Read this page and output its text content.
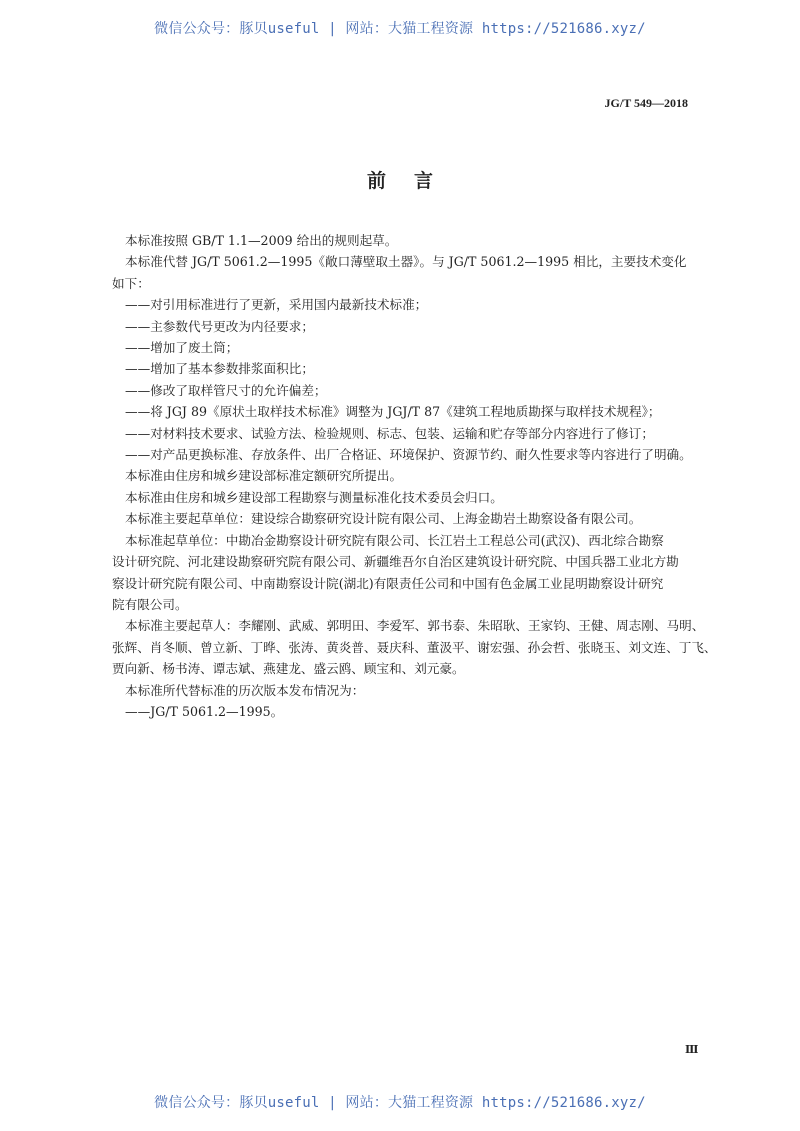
微信公众号：豚贝useful | 网站：大猫工程资源 https://521686.xyz/
JG/T 549—2018
前言
本标准按照 GB/T 1.1—2009 给出的规则起草。
本标准代替 JG/T 5061.2—1995《敞口薄壁取土器》。与 JG/T 5061.2—1995 相比，主要技术变化
如下：
——对引用标准进行了更新，采用国内最新技术标准；
——主参数代号更改为内径要求；
——增加了废土筒；
——增加了基本参数排浆面积比；
——修改了取样管尺寸的允许偏差；
——将 JGJ 89《原状土取样技术标准》调整为 JGJ/T 87《建筑工程地质勘探与取样技术规程》；
——对材料技术要求、试验方法、检验规则、标志、包装、运输和贮存等部分内容进行了修订；
——对产品更换标准、存放条件、出厂合格证、环境保护、资源节约、耐久性要求等内容进行了明确。
本标准由住房和城乡建设部标准定额研究所提出。
本标准由住房和城乡建设部工程勘察与测量标准化技术委员会归口。
本标准主要起草单位：建设综合勘察研究设计院有限公司、上海金勘岩土勘察设备有限公司。
本标准起草单位：中勘冶金勘察设计研究院有限公司、长江岩土工程总公司(武汉)、西北综合勘察
设计研究院、河北建设勘察研究院有限公司、新疆维吾尔自治区建筑设计研究院、中国兵器工业北方勘
察设计研究院有限公司、中南勘察设计院(湖北)有限责任公司和中国有色金属工业昆明勘察设计研究
院有限公司。
本标准主要起草人：李耀刚、武威、郭明田、李爱军、郭书泰、朱昭耿、王家钧、王健、周志刚、马明、
张辉、肖冬顺、曾立新、丁晔、张涛、黄炎普、聂庆科、董汲平、谢宏强、孙会哲、张晓玉、刘文连、丁飞、
贾向新、杨书涛、谭志斌、燕建龙、盛云鸥、顾宝和、刘元豪。
本标准所代替标准的历次版本发布情况为：
——JG/T 5061.2—1995。
Ⅲ
微信公众号：豚贝useful | 网站：大猫工程资源 https://521686.xyz/
